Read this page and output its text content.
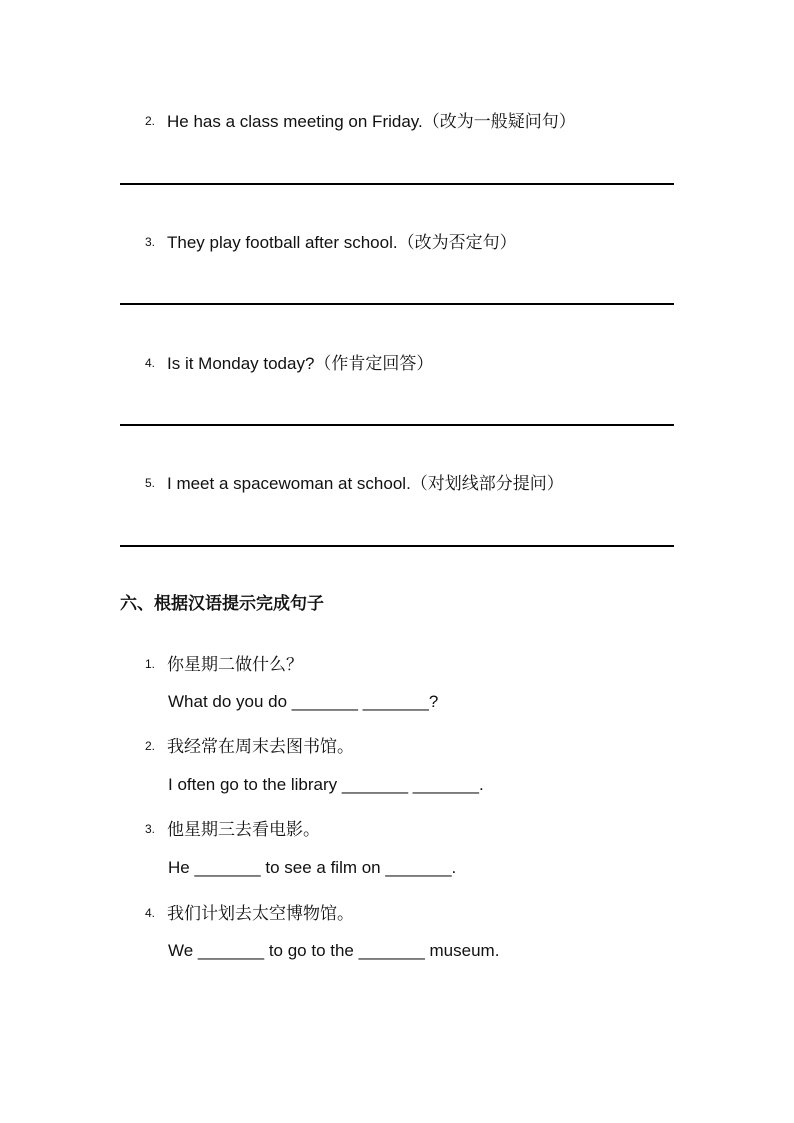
2. He has a class meeting on Friday.（改为一般疑问句）
3. They play football after school.（改为否定句）
4. Is it Monday today?（作肯定回答）
5. I meet a spacewoman at school.（对划线部分提问）
六、根据汉语提示完成句子
1. 你星期二做什么？
What do you do _______ _______?
2. 我经常在周末去图书馆。
I often go to the library _______ _______.
3. 他星期三去看电影。
He _______ to see a film on _______.
4. 我们计划去太空博物馆。
We _______ to go to the _______ museum.
